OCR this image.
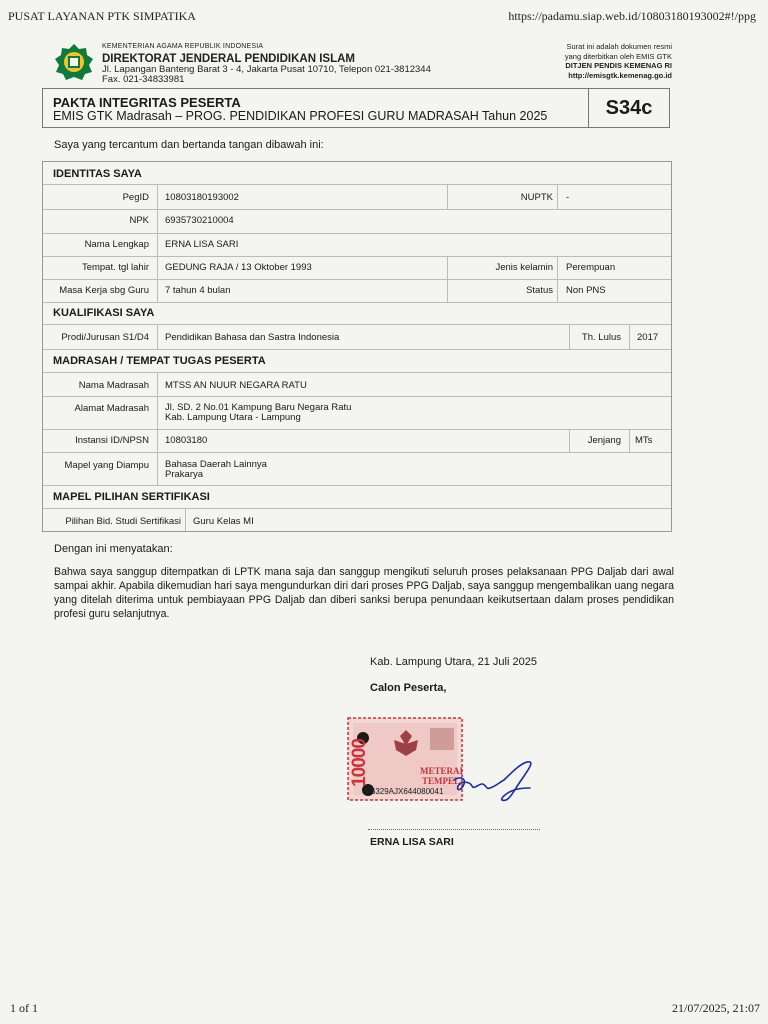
PUSAT LAYANAN PTK SIMPATIKA	https://padamu.siap.web.id/10803180193002#!/ppg
KEMENTERIAN AGAMA REPUBLIK INDONESIA
DIREKTORAT JENDERAL PENDIDIKAN ISLAM
Jl. Lapangan Banteng Barat 3 - 4, Jakarta Pusat 10710, Telepon 021-3812344
Fax. 021-34833981
Surat ini adalah dokumen resmi
yang diterbitkan oleh EMIS GTK
DITJEN PENDIS KEMENAG RI
http://emisgtk.kemenag.go.id
PAKTA INTEGRITAS PESERTA
EMIS GTK Madrasah – PROG. PENDIDIKAN PROFESI GURU MADRASAH Tahun 2025	S34c
Saya yang tercantum dan bertanda tangan dibawah ini:
IDENTITAS SAYA
PegID 10803180193002	NUPTK -
NPK 6935730210004
Nama Lengkap ERNA LISA SARI
Tempat. tgl lahir GEDUNG RAJA / 13 Oktober 1993	Jenis kelamin Perempuan
Masa Kerja sbg Guru 7 tahun 4 bulan	Status Non PNS
KUALIFIKASI SAYA
Prodi/Jurusan S1/D4 Pendidikan Bahasa dan Sastra Indonesia	Th. Lulus 2017
MADRASAH / TEMPAT TUGAS PESERTA
Nama Madrasah MTSS AN NUUR NEGARA RATU
Alamat Madrasah Jl. SD. 2 No.01 Kampung Baru Negara Ratu
Kab. Lampung Utara - Lampung
Instansi ID/NPSN 10803180	Jenjang MTs
Mapel yang Diampu Bahasa Daerah Lainnya
Prakarya
MAPEL PILIHAN SERTIFIKASI
Pilihan Bid. Studi Sertifikasi Guru Kelas MI
Dengan ini menyatakan:
Bahwa saya sanggup ditempatkan di LPTK mana saja dan sanggup mengikuti seluruh proses pelaksanaan PPG Daljab dari awal sampai akhir. Apabila dikemudian hari saya mengundurkan diri dari proses PPG Daljab, saya sanggup mengembalikan uang negara yang ditelah diterima untuk pembiayaan PPG Daljab dan diberi sanksi berupa penundaan keikutsertaan dalam proses pendidikan profesi guru selanjutnya.
Kab. Lampung Utara, 21 Juli 2025
Calon Peserta,
10000	METERAI
TEMPEL
F6329AJX644080041
ERNA LISA SARI
1 of 1	21/07/2025, 21:07
